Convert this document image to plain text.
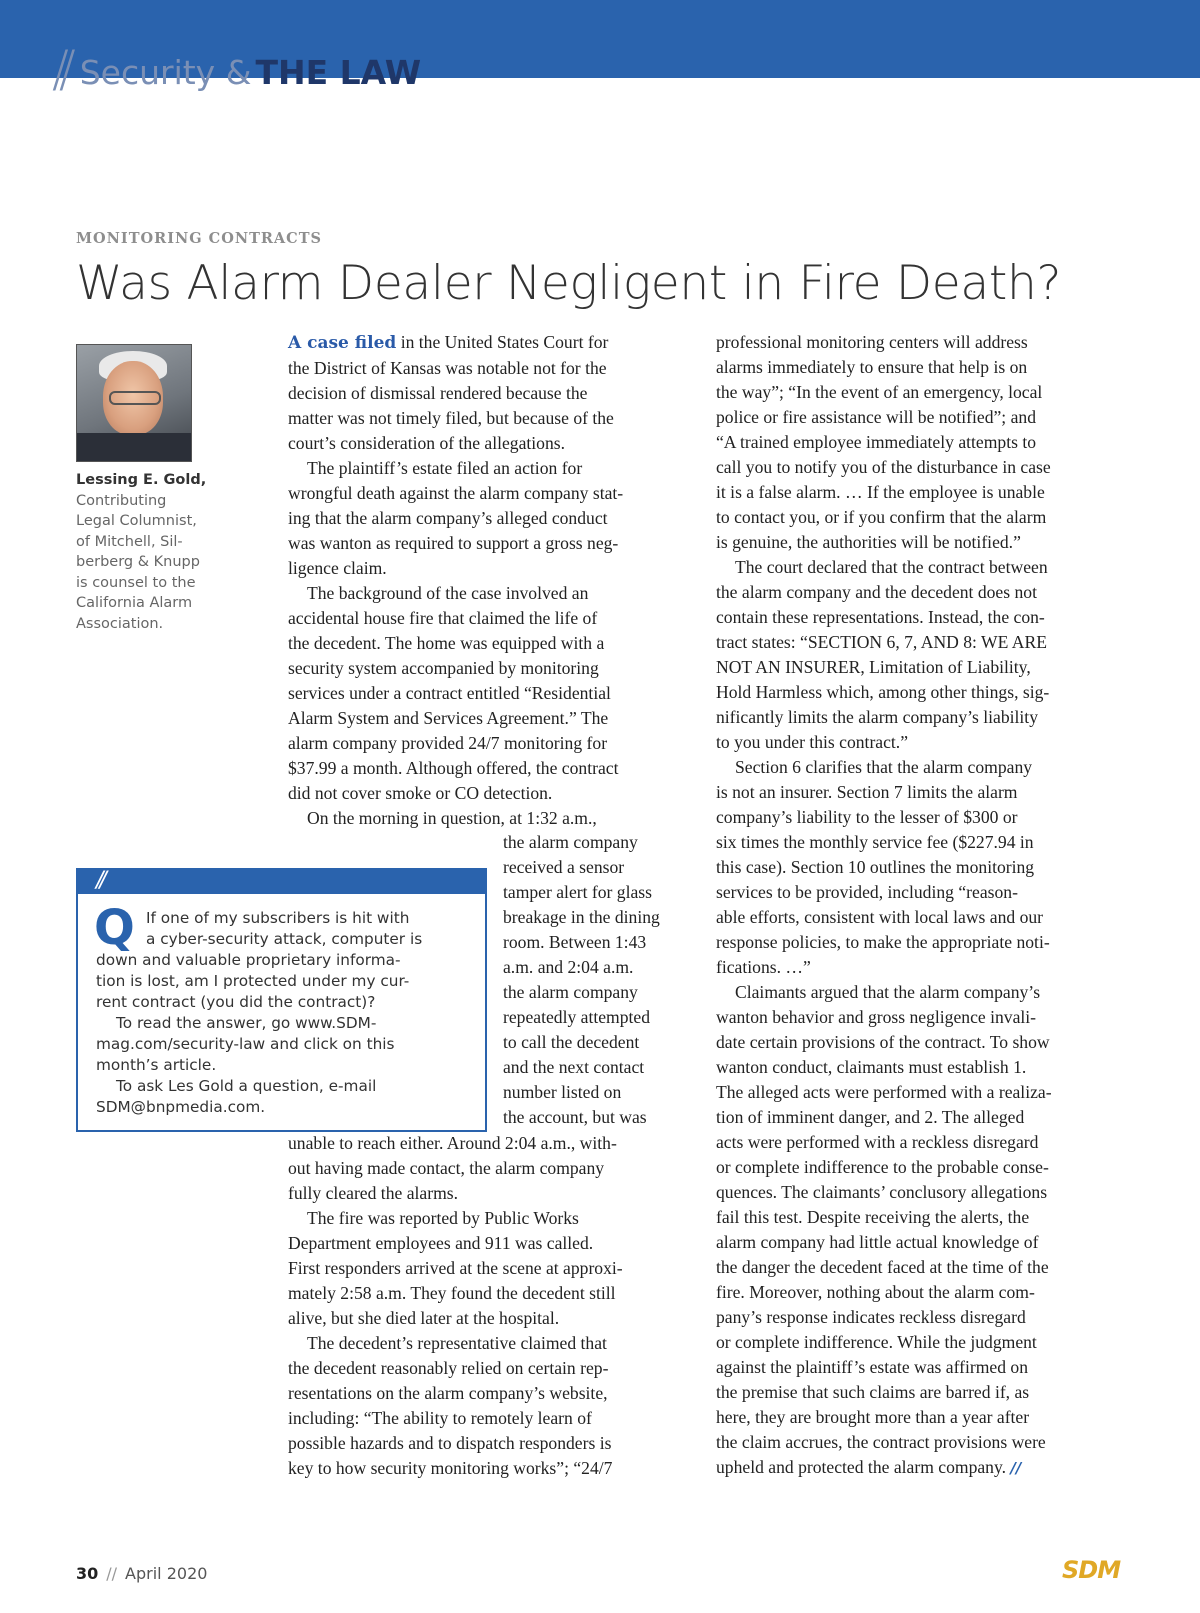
// Security & THE LAW
MONITORING CONTRACTS
Was Alarm Dealer Negligent in Fire Death?
Lessing E. Gold,
Contributing
Legal Columnist,
of Mitchell, Sil-
berberg & Knupp
is counsel to the
California Alarm
Association.
A case filed in the United States Court for
the District of Kansas was notable not for the
decision of dismissal rendered because the
matter was not timely filed, but because of the
court’s consideration of the allegations.
The plaintiff’s estate filed an action for
wrongful death against the alarm company stat-
ing that the alarm company’s alleged conduct
was wanton as required to support a gross neg-
ligence claim.
The background of the case involved an
accidental house fire that claimed the life of
the decedent. The home was equipped with a
security system accompanied by monitoring
services under a contract entitled “Residential
Alarm System and Services Agreement.” The
alarm company provided 24/7 monitoring for
$37.99 a month. Although offered, the contract
did not cover smoke or CO detection.
On the morning in question, at 1:32 a.m.,
unable to reach either. Around 2:04 a.m., with-
out having made contact, the alarm company
fully cleared the alarms.
The fire was reported by Public Works
Department employees and 911 was called.
First responders arrived at the scene at approxi-
mately 2:58 a.m. They found the decedent still
alive, but she died later at the hospital.
The decedent’s representative claimed that
the decedent reasonably relied on certain rep-
resentations on the alarm company’s website,
including: “The ability to remotely learn of
possible hazards and to dispatch responders is
key to how security monitoring works”; “24/7
the alarm company
received a sensor
tamper alert for glass
breakage in the dining
room. Between 1:43
a.m. and 2:04 a.m.
the alarm company
repeatedly attempted
to call the decedent
and the next contact
number listed on
the account, but was
//
Q If one of my subscribers is hit with
a cyber-security attack, computer is
down and valuable proprietary informa-
tion is lost, am I protected under my cur-
rent contract (you did the contract)?
To read the answer, go www.SDM-
mag.com/security-law and click on this
month’s article.
To ask Les Gold a question, e-mail
SDM@bnpmedia.com.
professional monitoring centers will address
alarms immediately to ensure that help is on
the way”; “In the event of an emergency, local
police or fire assistance will be notified”; and
“A trained employee immediately attempts to
call you to notify you of the disturbance in case
it is a false alarm. … If the employee is unable
to contact you, or if you confirm that the alarm
is genuine, the authorities will be notified.”
The court declared that the contract between
the alarm company and the decedent does not
contain these representations. Instead, the con-
tract states: “SECTION 6, 7, AND 8: WE ARE
NOT AN INSURER, Limitation of Liability,
Hold Harmless which, among other things, sig-
nificantly limits the alarm company’s liability
to you under this contract.”
Section 6 clarifies that the alarm company
is not an insurer. Section 7 limits the alarm
company’s liability to the lesser of $300 or
six times the monthly service fee ($227.94 in
this case). Section 10 outlines the monitoring
services to be provided, including “reason-
able efforts, consistent with local laws and our
response policies, to make the appropriate noti-
fications. …”
Claimants argued that the alarm company’s
wanton behavior and gross negligence invali-
date certain provisions of the contract. To show
wanton conduct, claimants must establish 1.
The alleged acts were performed with a realiza-
tion of imminent danger, and 2. The alleged
acts were performed with a reckless disregard
or complete indifference to the probable conse-
quences. The claimants’ conclusory allegations
fail this test. Despite receiving the alerts, the
alarm company had little actual knowledge of
the danger the decedent faced at the time of the
fire. Moreover, nothing about the alarm com-
pany’s response indicates reckless disregard
or complete indifference. While the judgment
against the plaintiff’s estate was affirmed on
the premise that such claims are barred if, as
here, they are brought more than a year after
the claim accrues, the contract provisions were
upheld and protected the alarm company. //
30 // April 2020	SDM
